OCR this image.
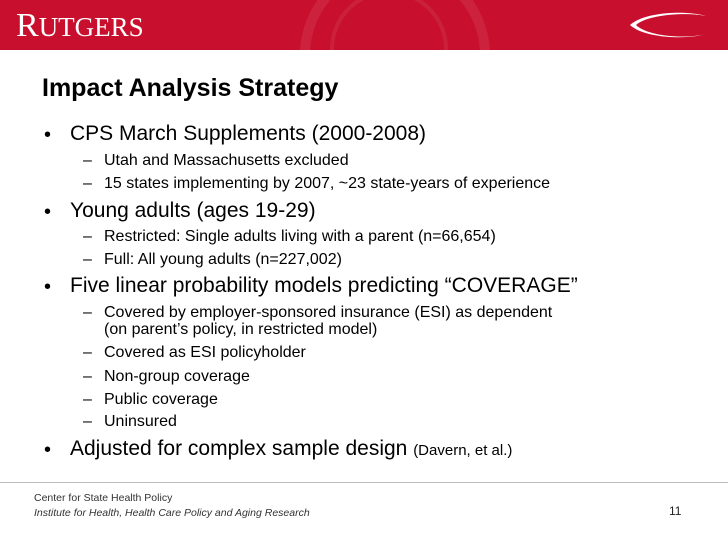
RUTGERS	CSHP
Impact Analysis Strategy
• CPS March Supplements (2000-2008)
– Utah and Massachusetts excluded
– 15 states implementing by 2007, ~23 state-years of experience
• Young adults (ages 19-29)
– Restricted: Single adults living with a parent (n=66,654)
– Full: All young adults (n=227,002)
• Five linear probability models predicting “COVERAGE”
– Covered by employer-sponsored insurance (ESI) as dependent
(on parent’s policy, in restricted model)
– Covered as ESI policyholder
– Non-group coverage
– Public coverage
– Uninsured
• Adjusted for complex sample design (Davern, et al.)
Center for State Health Policy
Institute for Health, Health Care Policy and Aging Research	11
